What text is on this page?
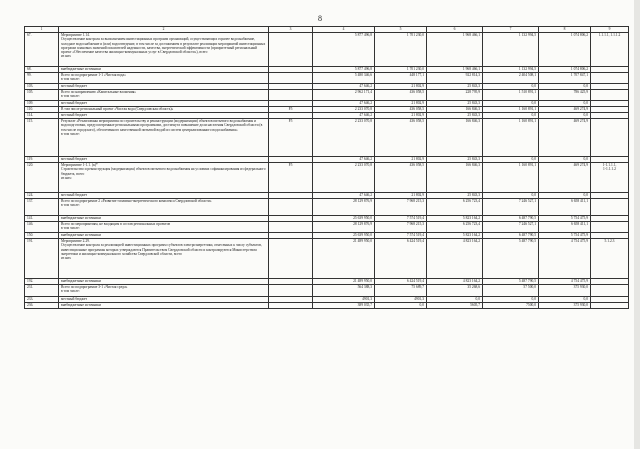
8
1	2	3	4	5	6	7	8	9
67.	Мероприятие 1.14.
Осуществление контроля за выполнением инвестиционных программ организаций, осуществляющих горячее водоснабжение, холодное водоснабжение и (или) водоотведение, в том числе за достижением в результате реализации мероприятий инвестиционных программ плановых значений показателей надежности, качества, энергетической эффективности (приоритетный региональный проект «Обеспечение качества жилищно-коммунальных услуг в Свердловской области»), всего
из них		5 877 496,8	1 701 230,0	1 968 466,1	1 132 994,5	1 074 806,2	1.1.1.1, 1.1.1.2
68.	внебюджетные источники		5 877 496,8	1 701 230,0	1 968 466,1	1 132 994,5	1 074 806,2	
99.	Всего по подпрограмме 1-1 «Чистая вода»
в том числе:		5 480 346,6	448 177,1	922 814,3	2 404 508,1	1 707 847,1	
103.	местный бюджет		47 646,2	21 802,9	25 843,3	0,0	0,0	
105.	Всего по направлению «Капитальные вложения»
в том числе:		2 962 171,4	436 058,5	228 795,9	1 510 891,1	786 425,9	
109.	местный бюджет		47 646,2	21 802,9	25 843,3	0,0	0,0	
110.	В том числе региональный проект «Чистая вода (Свердловская область)»	F5	2 233 070,8	436 058,5	166 846,3	1 160 891,1	469 274,9	
114.	местный бюджет		47 646,2	21 802,9	25 843,3	0,0	0,0	
115.	Результат «Реализованы мероприятия по строительству и реконструкции (модернизации) объектов питьевого водоснабжения и водоподготовки, предусмотренные региональными программами, достигнута повышение доли населения Свердловской области (в том числе городского), обеспеченного качественной питьевой водой из систем централизованного водоснабжения»
в том числе:	F5	2 233 070,8	436 058,5	166 846,3	1 160 891,1	469 274,9	
119.	местный бюджет		47 646,2	21 802,9	25 843,3	0,0	0,0	
120.	Мероприятие 1-1.1. (к)*
Строительство и реконструкция (модернизация) объектов питьевого водоснабжения на условиях софинансирования из федерального бюджета, всего
из них:	F5	2 233 070,8	436 058,5	166 846,3	1 160 891,1	469 274,9	1-1.1.1.1,
1-1.1.1.2
124.	местный бюджет		47 646,2	21 802,9	25 843,3	0,0	0,0	
137.	Всего по подпрограмме 2 «Развитие топливно-энергетического комплекса Свердловской области»
в том числе:		28 129 876,9	7 968 215,3	6 256 723,4	7 246 527,1	6 658 411,1	
141.	внебюджетные источники		25 639 950,0	7 574 519,4	5 823 164,2	6 487 790,5	5 754 475,9	
146.	Всего по мероприятиям, не входящим в состав региональных проектов
в том числе:		28 129 876,9	7 968 215,3	6 256 723,4	7 246 527,1	6 658 411,1	
150.	внебюджетные источники		25 639 950,0	7 574 519,4	5 823 164,2	6 487 790,5	5 754 475,9	
191.	Мероприятие 2.29.
Осуществление контроля за реализацией инвестиционных программ субъектов электроэнергетики, отнесенных к числу субъектов, инвестиционные программы которых утверждаются Правительством Свердловской области и контролируются Министерством энергетики и жилищно-коммунального хозяйства Свердловской области, всего
из них		21 489 950,0	6 424 519,4	4 823 164,2	5 487 790,5	4 754 475,9	5.1.2.3
192.	внебюджетные источники		21 489 950,0	6 424 519,4	4 823 164,2	5 487 790,5	4 754 475,9	
231.	Всего по подпрограмме 3-1 «Чистая среда»
в том числе:		564 388,3	75 689,7	35 268,6	57 500,0	375 930,0	
233.	местный бюджет		4901,3	4901,3	0,0	0,0	0,0	
236.	внебюджетные источники		389 035,7	0,0	5605,7	7500,0	375 930,0	
